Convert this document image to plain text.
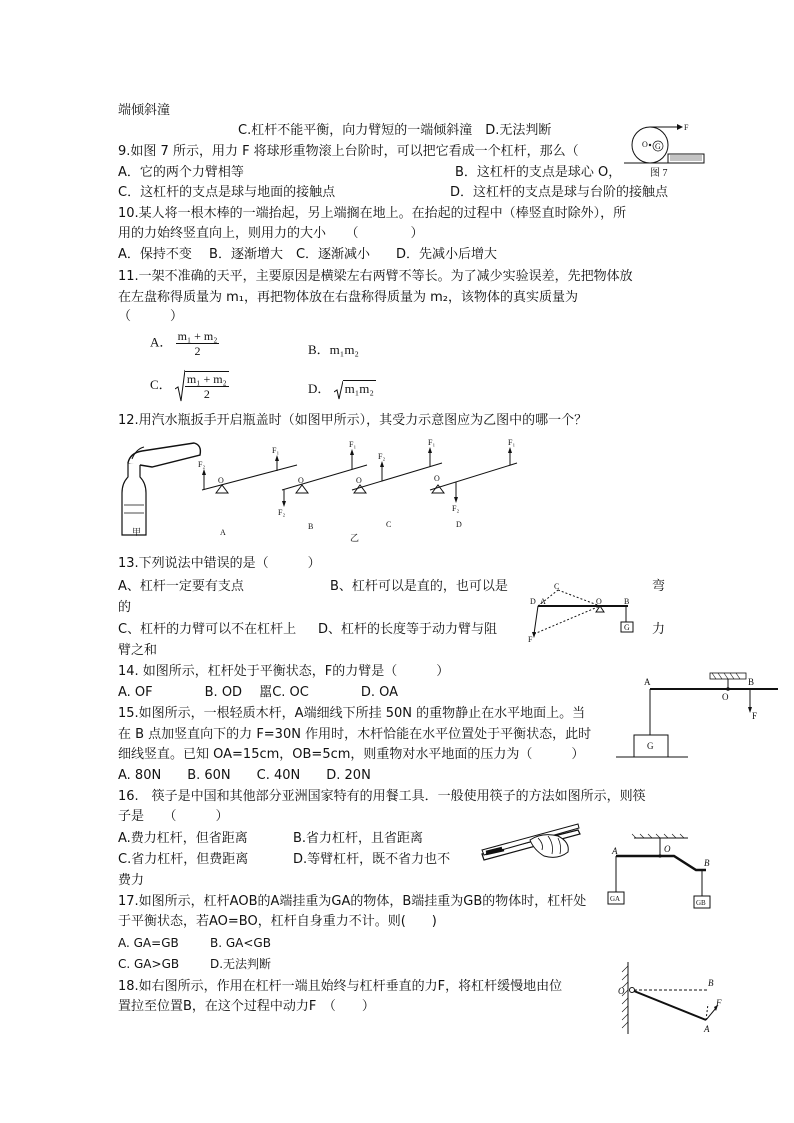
端倾斜潼
C.杠杆不能平衡，向力臂短的一端倾斜潼　D.无法判断
9.如图 7 所示，用力 F 将球形重物滚上台阶时，可以把它看成一个杠杆，那么（
A．它的两个力臂相等	B．这杠杆的支点是球心 O，
C．这杠杆的支点是球与地面的接触点	D．这杠杆的支点是球与台阶的接触点
10.某人将一根木棒的一端抬起，另上端搁在地上。在抬起的过程中（棒竖直时除外），所
用的力始终竖直向上，则用力的大小　　（　　　　）
A．保持不变　 B．逐渐增大　C．逐渐减小　　D．先减小后增大
11.一架不准确的天平，主要原因是横梁左右两臂不等长。为了减少实验误差，先把物体放
在左盘称得质量为 m₁，再把物体放在右盘称得质量为 m₂，该物体的真实质量为
（　　　）
A． $\frac{\text{m₁ + m₂}}{2}$	B．m₁m₂
C． $\frac{\text{m₁ + m₂}}{2}$	D． m₁m₂
12.用汽水瓶扳手开启瓶盖时（如图甲所示），其受力示意图应为乙图中的哪一个？
13.下列说法中错误的是（　　　）
A、杠杆一定要有支点	B、杠杆可以是直的，也可以是	弯
的
C、杠杆的力臂可以不在杠杆上 D、杠杆的长度等于动力臂与阻	力
臂之和
14. 如图所示，杠杆处于平衡状态，F的力臂是（　　　）
A. OF　　　　B. OD　 嚚C. OC　　　　D. OA
15.如图所示，一根轻质木杆，A端细线下所挂 50N 的重物静止在水平地面上。当
在 B 点加竖直向下的力 F=30N 作用时，木杆恰能在水平位置处于平衡状态，此时
细线竖直。已知 OA=15cm，OB=5cm，则重物对水平地面的压力为（　　　）
A. 80N　　B. 60N　　C. 40N　　D. 20N
16.　筷子是中国和其他部分亚洲国家特有的用餐工具．一般使用筷子的方法如图所示，则筷
子是　　（　　　）
A.费力杠杆，但省距离	B.省力杠杆，且省距离
C.省力杠杆，但费距离	D.等臂杠杆，既不省力也不
费力
17.如图所示，杠杆AOB的A端挂重为GA的物体，B端挂重为GB的物体时，杠杆处
于平衡状态，若AO=BO，杠杆自身重力不计。则(　　)
A. GA=GB	B. GA<GB
C. GA>GB	D.无法判断
18.如右图所示，作用在杠杆一端且始终与杠杆垂直的力F，将杠杆缓慢地由位
置拉至位置B，在这个过程中动力F　（　　）
O G
F
图 7
甲
O
F₂
F₁
A
O
F₂
F₁
B
O
F₂
F₁
C
O
F₂
F₁
D
乙
C
D A	O	B
F
G
A
O
B
F
G
A	O
B
GA	GB
O
B
F
A
